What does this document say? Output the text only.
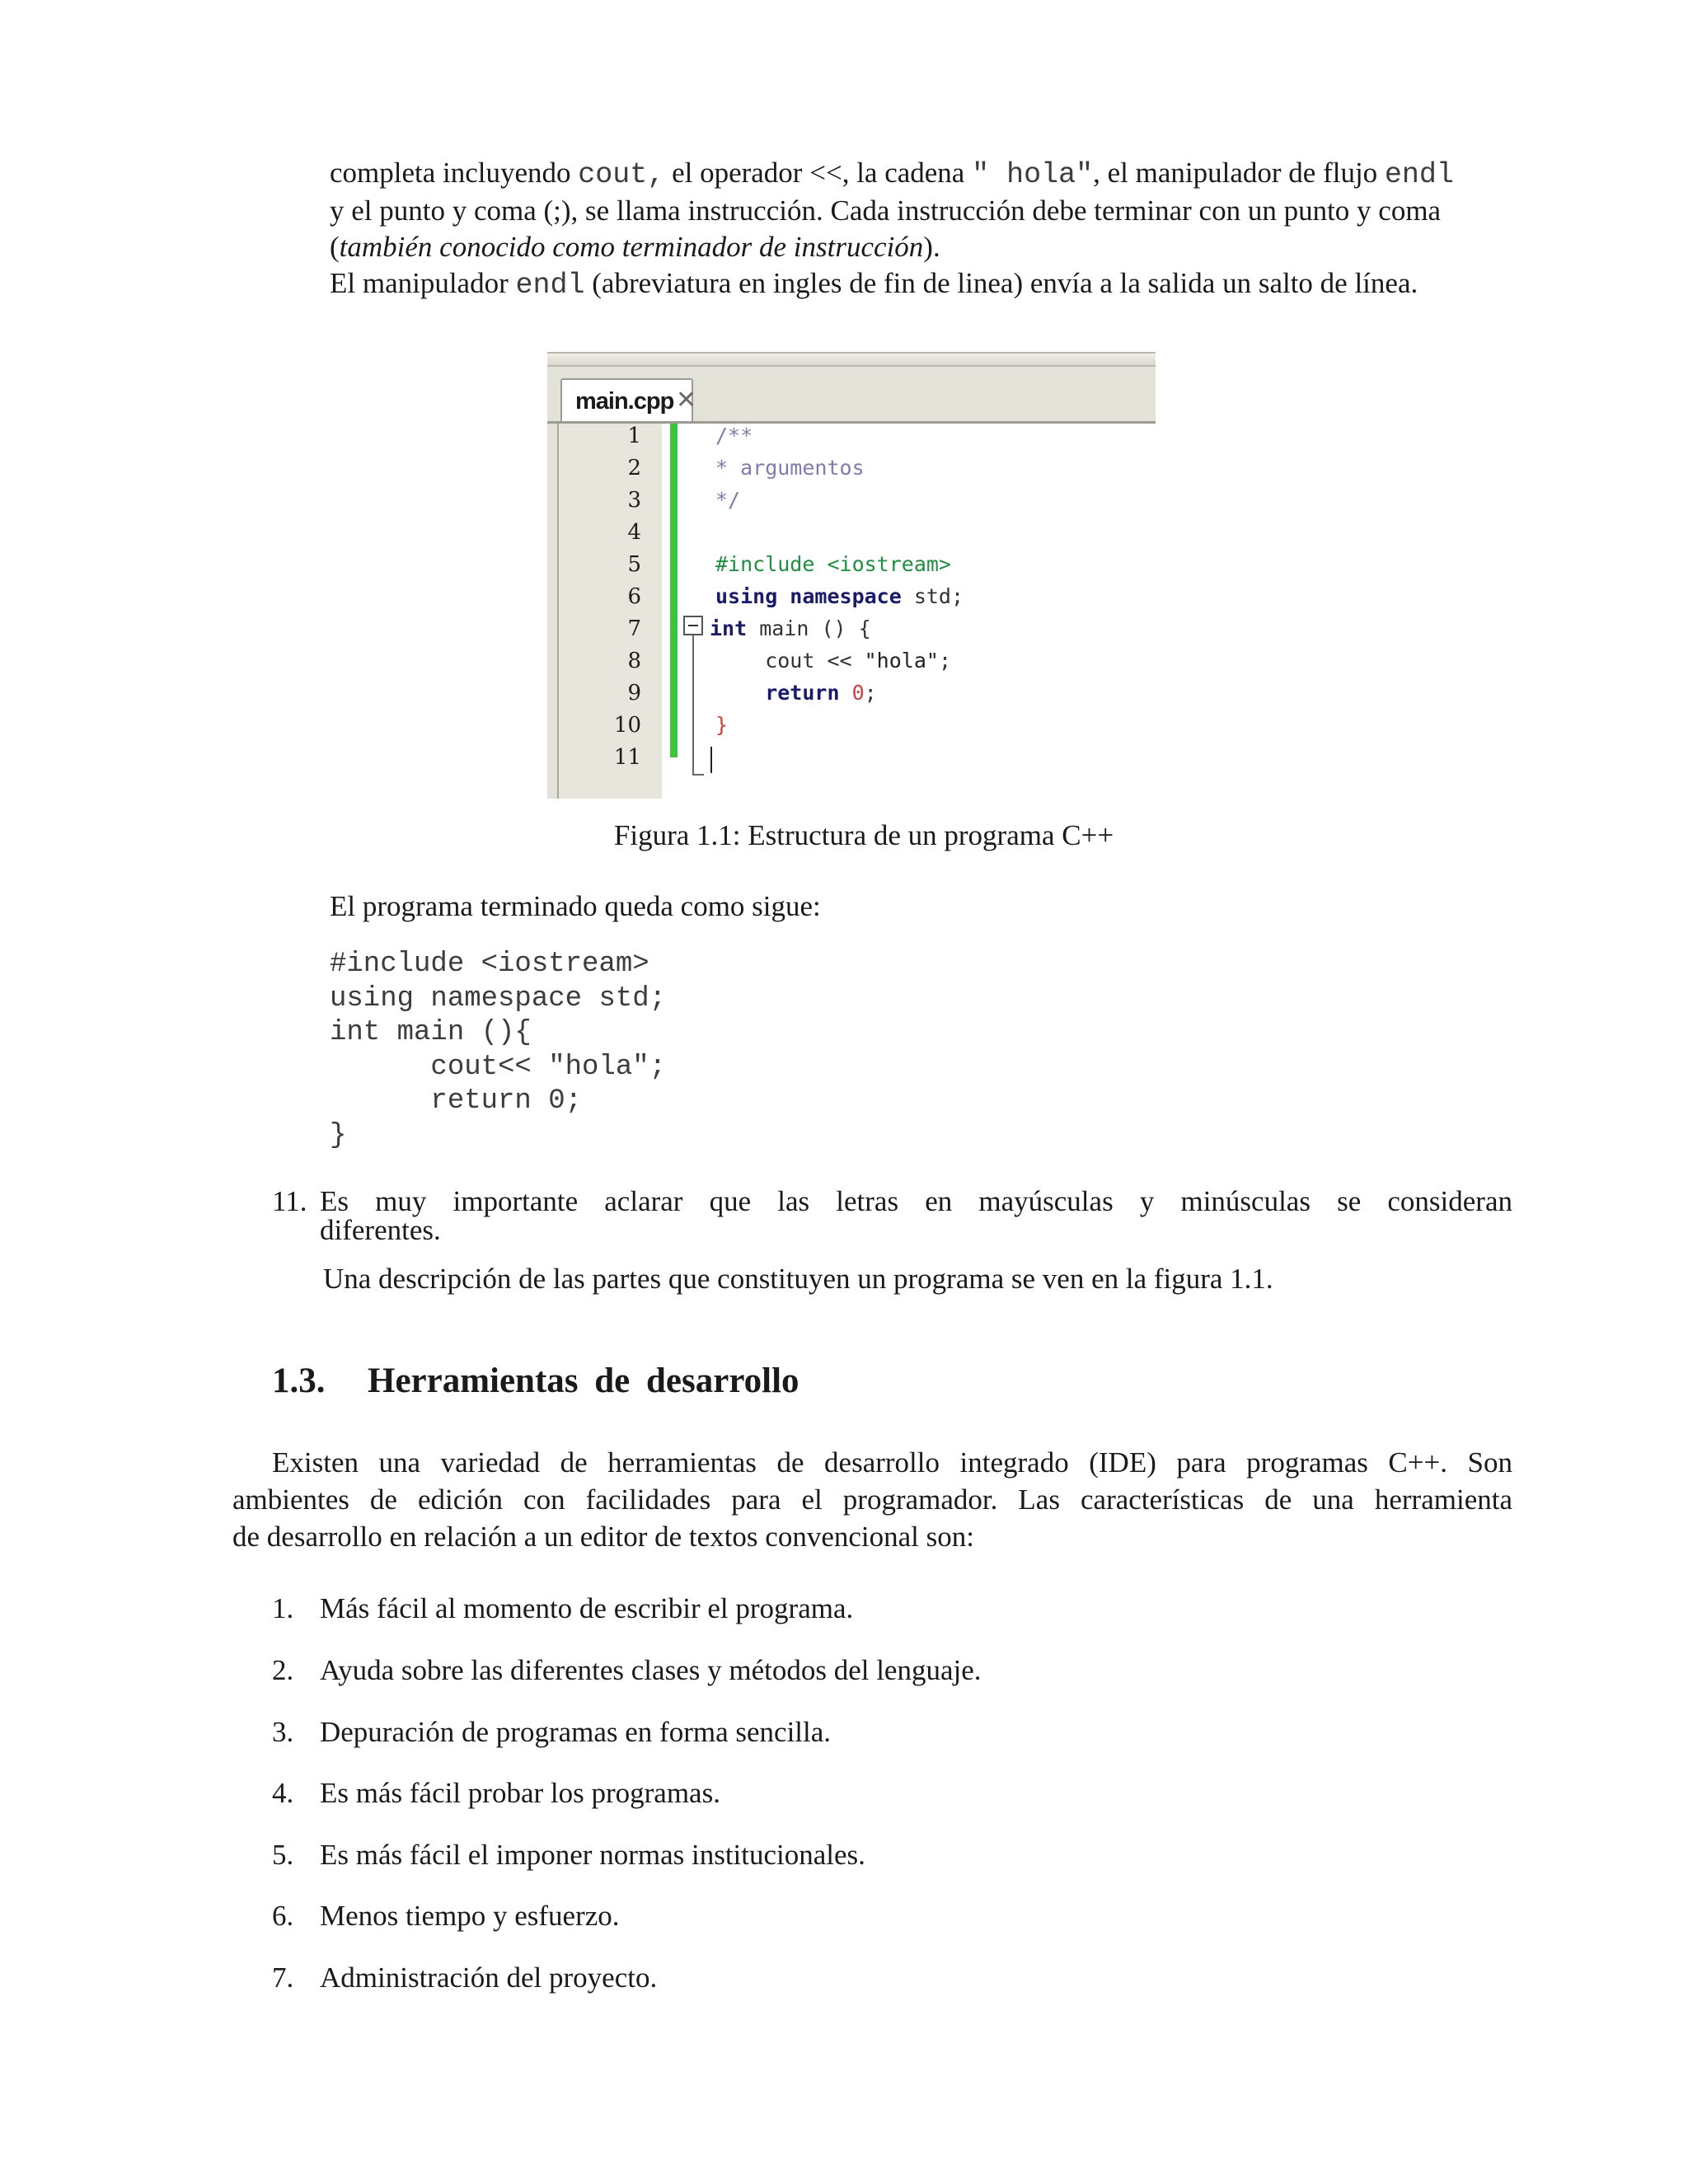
completa incluyendo cout, el operador <<, la cadena " hola", el manipulador de flujo endl
y el punto y coma (;), se llama instrucción. Cada instrucción debe terminar con un punto y coma
(también conocido como terminador de instrucción).
El manipulador endl (abreviatura en ingles de fin de linea) envía a la salida un salto de línea.
main.cpp ✕
1
2
3
4
5
6
7
8
9
10
11
/**
* argumentos
*/
#include <iostream>
using namespace std;
int main () {
cout << "hola";
return 0;
}
Figura 1.1: Estructura de un programa C++
El programa terminado queda como sigue:
#include <iostream>
using namespace std;
int main (){
cout<< "hola";
return 0;
}
11. Es muy importante aclarar que las letras en mayúsculas y minúsculas se consideran
diferentes.
Una descripción de las partes que constituyen un programa se ven en la figura 1.1.
1.3. Herramientas de desarrollo
Existen una variedad de herramientas de desarrollo integrado (IDE) para programas C++. Son
ambientes de edición con facilidades para el programador. Las características de una herramienta
de desarrollo en relación a un editor de textos convencional son:
1. Más fácil al momento de escribir el programa.
2. Ayuda sobre las diferentes clases y métodos del lenguaje.
3. Depuración de programas en forma sencilla.
4. Es más fácil probar los programas.
5. Es más fácil el imponer normas institucionales.
6. Menos tiempo y esfuerzo.
7. Administración del proyecto.
